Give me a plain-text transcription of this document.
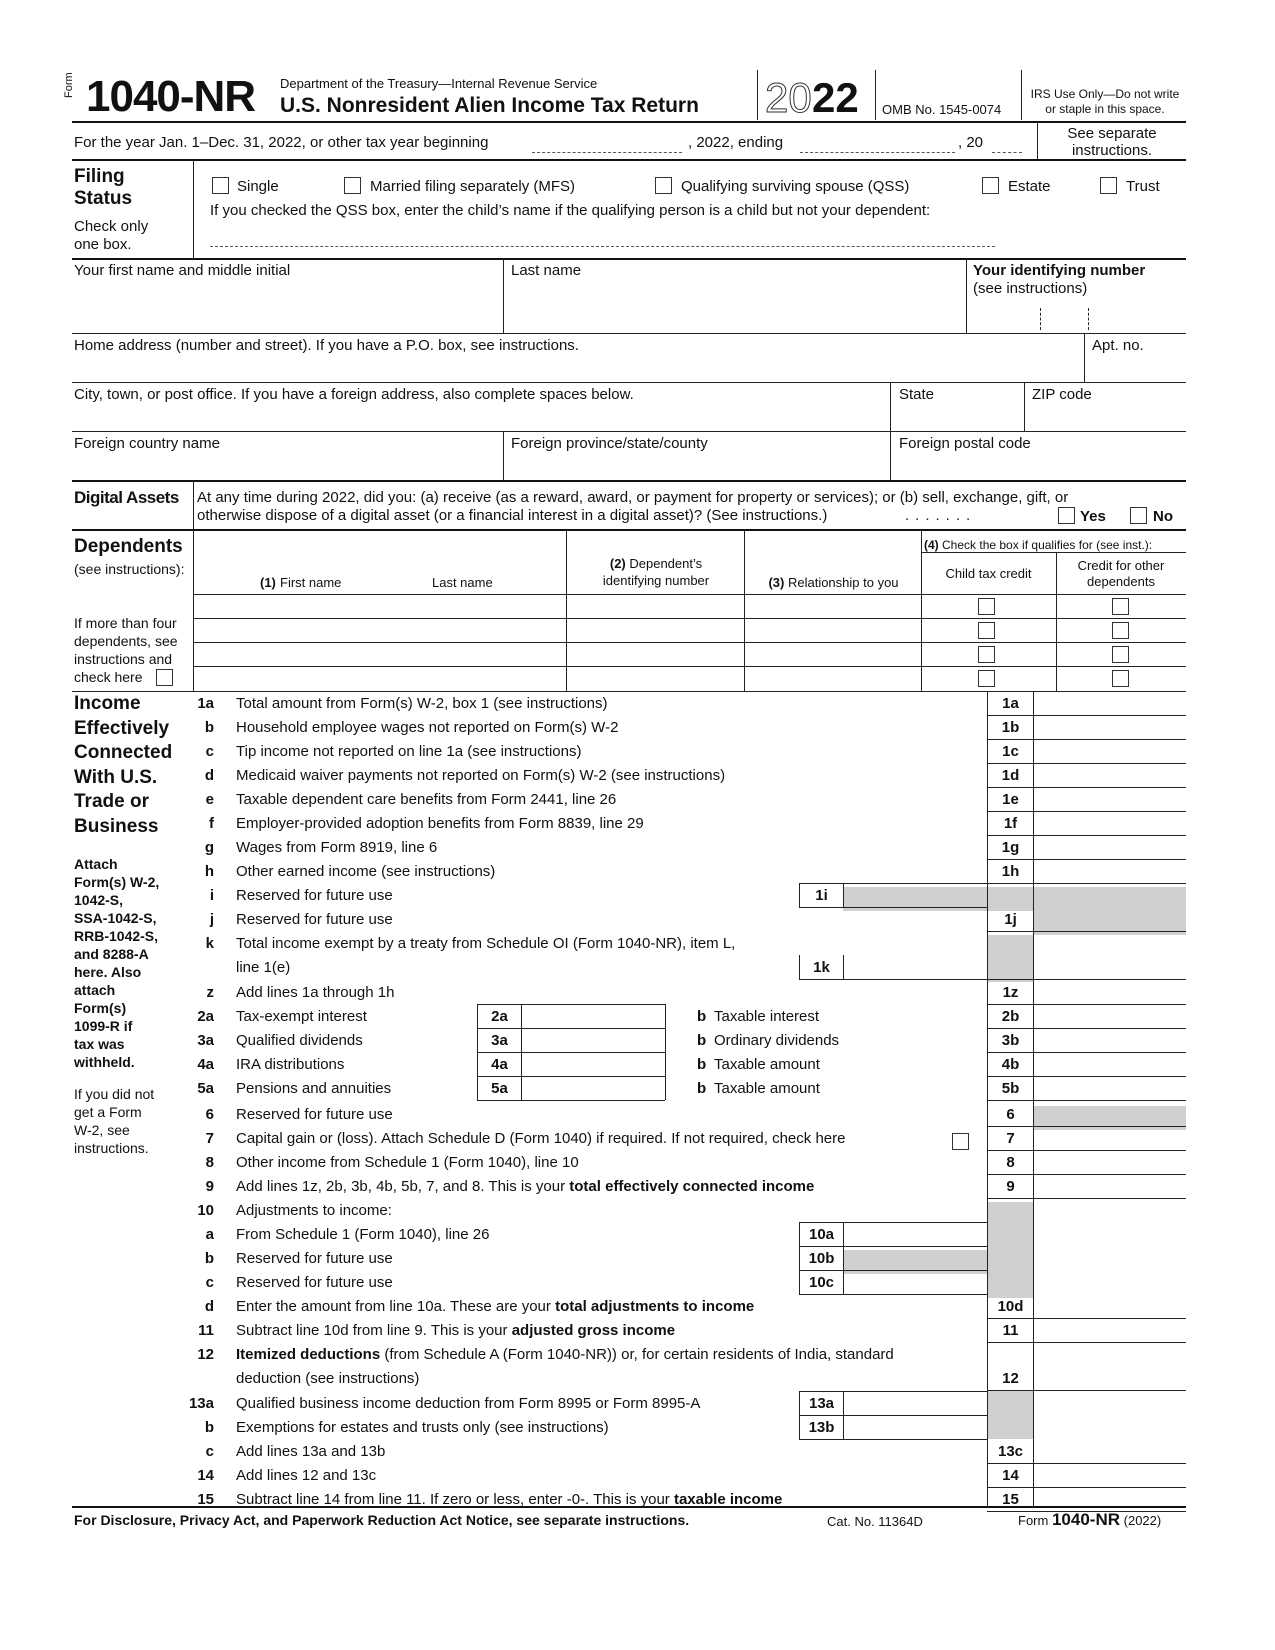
Form 1040-NR Department of the Treasury—Internal Revenue Service
U.S. Nonresident Alien Income Tax Return 20 22 OMB No. 1545-0074
IRS Use Only—Do not write
or staple in this space.
For the year Jan. 1–Dec. 31, 2022, or other tax year beginning	, 2022, ending	, 20
See separate
instructions.
Filing
Status
Check only
one box.
Single	Married filing separately (MFS)	Qualifying surviving spouse (QSS)	Estate	Trust
If you checked the QSS box, enter the child’s name if the qualifying person is a child but not your dependent:
Your first name and middle initial	Last name	Your identifying number
(see instructions)
Home address (number and street). If you have a P.O. box, see instructions.	Apt. no.
City, town, or post office. If you have a foreign address, also complete spaces below.	State	ZIP code
Foreign country name	Foreign province/state/county	Foreign postal code
Digital Assets At any time during 2022, did you: (a) receive (as a reward, award, or payment for property or services); or (b) sell, exchange, gift, or
otherwise dispose of a digital asset (or a financial interest in a digital asset)? (See instructions.)	.......	Yes	No
Dependents
(see instructions):
If more than four
dependents, see
instructions and
check here
(1) First name	Last name
(2) Dependent’s
identifying number	(3) Relationship to you
(4) Check the box if qualifies for (see inst.):
Child tax credit
Credit for other
dependents
1a Total amount from Form(s) W-2, box 1 (see instructions)	1a
b Household employee wages not reported on Form(s) W-2	1b
c Tip income not reported on line 1a (see instructions)	1c
d Medicaid waiver payments not reported on Form(s) W-2 (see instructions)	1d
e Taxable dependent care benefits from Form 2441, line 26	1e
f Employer-provided adoption benefits from Form 8839, line 29	1f
g Wages from Form 8919, line 6	1g
h Other earned income (see instructions)	1h
i Reserved for future use	1i
j Reserved for future use	1j
k Total income exempt by a treaty from Schedule OI (Form 1040-NR), item L,
line 1(e)	1k
z Add lines 1a through 1h	1z
2a Tax-exempt interest	2a	b Taxable interest	2b
3a Qualified dividends	3a	b Ordinary dividends	3b
4a IRA distributions	4a	b Taxable amount	4b
5a Pensions and annuities	5a	b Taxable amount	5b
6 Reserved for future use	6
7 Capital gain or (loss). Attach Schedule D (Form 1040) if required. If not required, check here	7
8 Other income from Schedule 1 (Form 1040), line 10	8
9 Add lines 1z, 2b, 3b, 4b, 5b, 7, and 8. This is your total effectively connected income	9
10 Adjustments to income:
a From Schedule 1 (Form 1040), line 26	10a
b Reserved for future use	10b
c Reserved for future use	10c
d Enter the amount from line 10a. These are your total adjustments to income	10d
11 Subtract line 10d from line 9. This is your adjusted gross income	11
12 Itemized deductions (from Schedule A (Form 1040-NR)) or, for certain residents of India, standard
deduction (see instructions)	12
13a Qualified business income deduction from Form 8995 or Form 8995-A	13a
b Exemptions for estates and trusts only (see instructions)	13b
c Add lines 13a and 13b	13c
14 Add lines 12 and 13c	14
15 Subtract line 14 from line 11. If zero or less, enter -0-. This is your taxable income	15
For Disclosure, Privacy Act, and Paperwork Reduction Act Notice, see separate instructions.	Cat. No. 11364D	Form 1040-NR (2022)
Income
Effectively
Connected
With U.S.
Trade or
Business
Attach
Form(s) W-2,
1042-S,
SSA-1042-S,
RRB-1042-S,
and 8288-A
here. Also
attach
Form(s)
1099-R if
tax was
withheld.
If you did not
get a Form
W-2, see
instructions.
